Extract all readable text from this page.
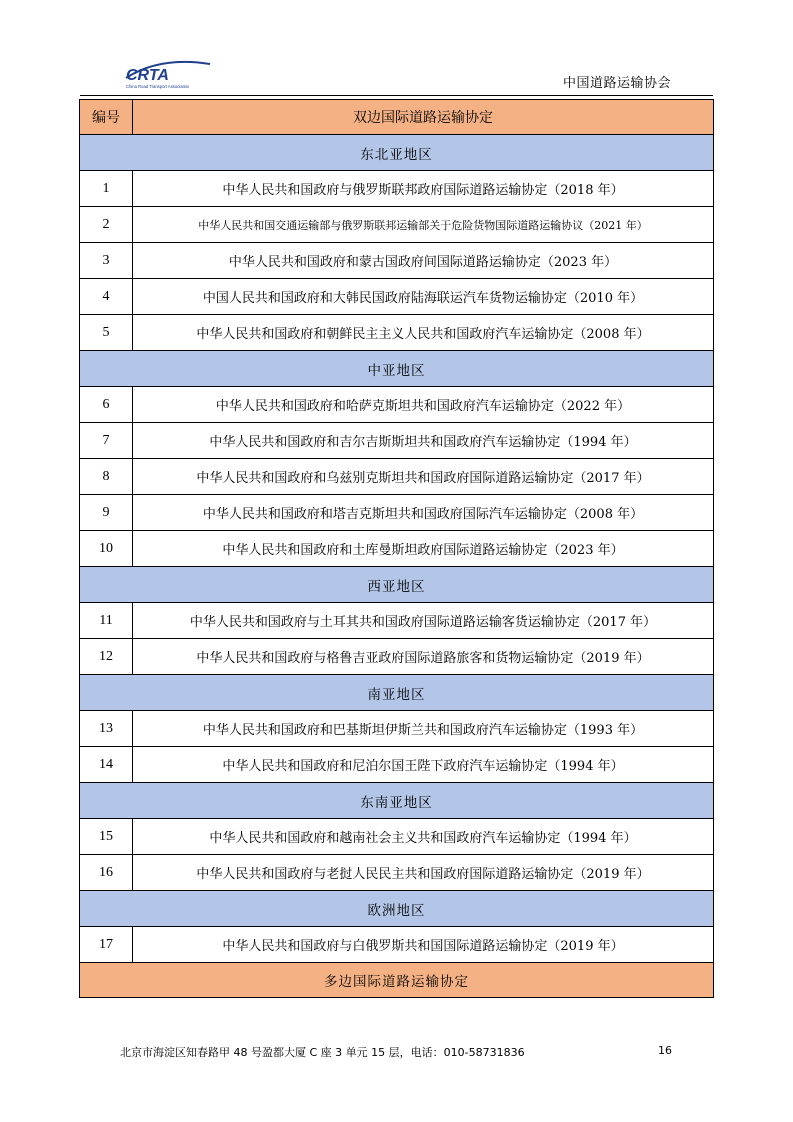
CRTA
China Road Transport Association	中国道路运输协会
编号	双边国际道路运输协定
东北亚地区	
1	中华人民共和国政府与俄罗斯联邦政府国际道路运输协定（2018 年）
2	中华人民共和国交通运输部与俄罗斯联邦运输部关于危险货物国际道路运输协议（2021 年）
3	中华人民共和国政府和蒙古国政府间国际道路运输协定（2023 年）
4	中国人民共和国政府和大韩民国政府陆海联运汽车货物运输协定（2010 年）
5	中华人民共和国政府和朝鲜民主主义人民共和国政府汽车运输协定（2008 年）
中亚地区	
6	中华人民共和国政府和哈萨克斯坦共和国政府汽车运输协定（2022 年）
7	中华人民共和国政府和吉尔吉斯斯坦共和国政府汽车运输协定（1994 年）
8	中华人民共和国政府和乌兹别克斯坦共和国政府国际道路运输协定（2017 年）
9	中华人民共和国政府和塔吉克斯坦共和国政府国际汽车运输协定（2008 年）
10	中华人民共和国政府和土库曼斯坦政府国际道路运输协定（2023 年）
西亚地区	
11	中华人民共和国政府与土耳其共和国政府国际道路运输客货运输协定（2017 年）
12	中华人民共和国政府与格鲁吉亚政府国际道路旅客和货物运输协定（2019 年）
南亚地区	
13	中华人民共和国政府和巴基斯坦伊斯兰共和国政府汽车运输协定（1993 年）
14	中华人民共和国政府和尼泊尔国王陛下政府汽车运输协定（1994 年）
东南亚地区	
15	中华人民共和国政府和越南社会主义共和国政府汽车运输协定（1994 年）
16	中华人民共和国政府与老挝人民民主共和国政府国际道路运输协定（2019 年）
欧洲地区	
17	中华人民共和国政府与白俄罗斯共和国国际道路运输协定（2019 年）
多边国际道路运输协定	
北京市海淀区知春路甲 48 号盈都大厦 C 座 3 单元 15 层，电话：010-58731836	16
